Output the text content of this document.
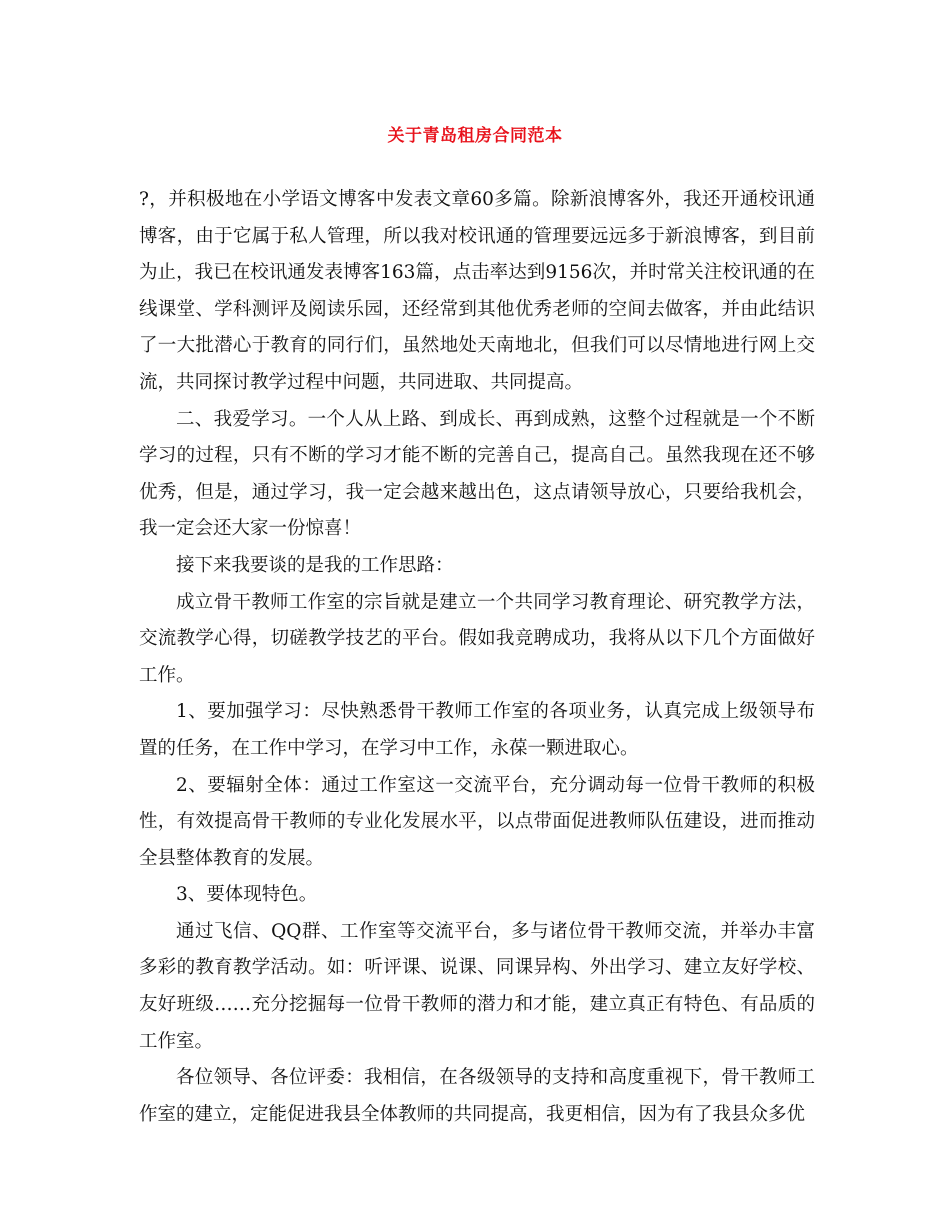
关于青岛租房合同范本

?，并积极地在小学语文博客中发表文章60多篇。除新浪博客外，我还开通校讯通博客，由于它属于私人管理，所以我对校讯通的管理要远远多于新浪博客，到目前为止，我已在校讯通发表博客163篇，点击率达到9156次，并时常关注校讯通的在线课堂、学科测评及阅读乐园，还经常到其他优秀老师的空间去做客，并由此结识了一大批潜心于教育的同行们，虽然地处天南地北，但我们可以尽情地进行网上交流，共同探讨教学过程中问题，共同进取、共同提高。

二、我爱学习。一个人从上路、到成长、再到成熟，这整个过程就是一个不断学习的过程，只有不断的学习才能不断的完善自己，提高自己。虽然我现在还不够优秀，但是，通过学习，我一定会越来越出色，这点请领导放心，只要给我机会，我一定会还大家一份惊喜！

接下来我要谈的是我的工作思路：

成立骨干教师工作室的宗旨就是建立一个共同学习教育理论、研究教学方法，交流教学心得，切磋教学技艺的平台。假如我竞聘成功，我将从以下几个方面做好工作。

1、要加强学习：尽快熟悉骨干教师工作室的各项业务，认真完成上级领导布置的任务，在工作中学习，在学习中工作，永葆一颗进取心。

2、要辐射全体：通过工作室这一交流平台，充分调动每一位骨干教师的积极性，有效提高骨干教师的专业化发展水平，以点带面促进教师队伍建设，进而推动全县整体教育的发展。

3、要体现特色。

通过飞信、QQ群、工作室等交流平台，多与诸位骨干教师交流，并举办丰富多彩的教育教学活动。如：听评课、说课、同课异构、外出学习、建立友好学校、友好班级……充分挖掘每一位骨干教师的潜力和才能，建立真正有特色、有品质的工作室。

各位领导、各位评委：我相信，在各级领导的支持和高度重视下，骨干教师工作室的建立，定能促进我县全体教师的共同提高，我更相信，因为有了我县众多优
